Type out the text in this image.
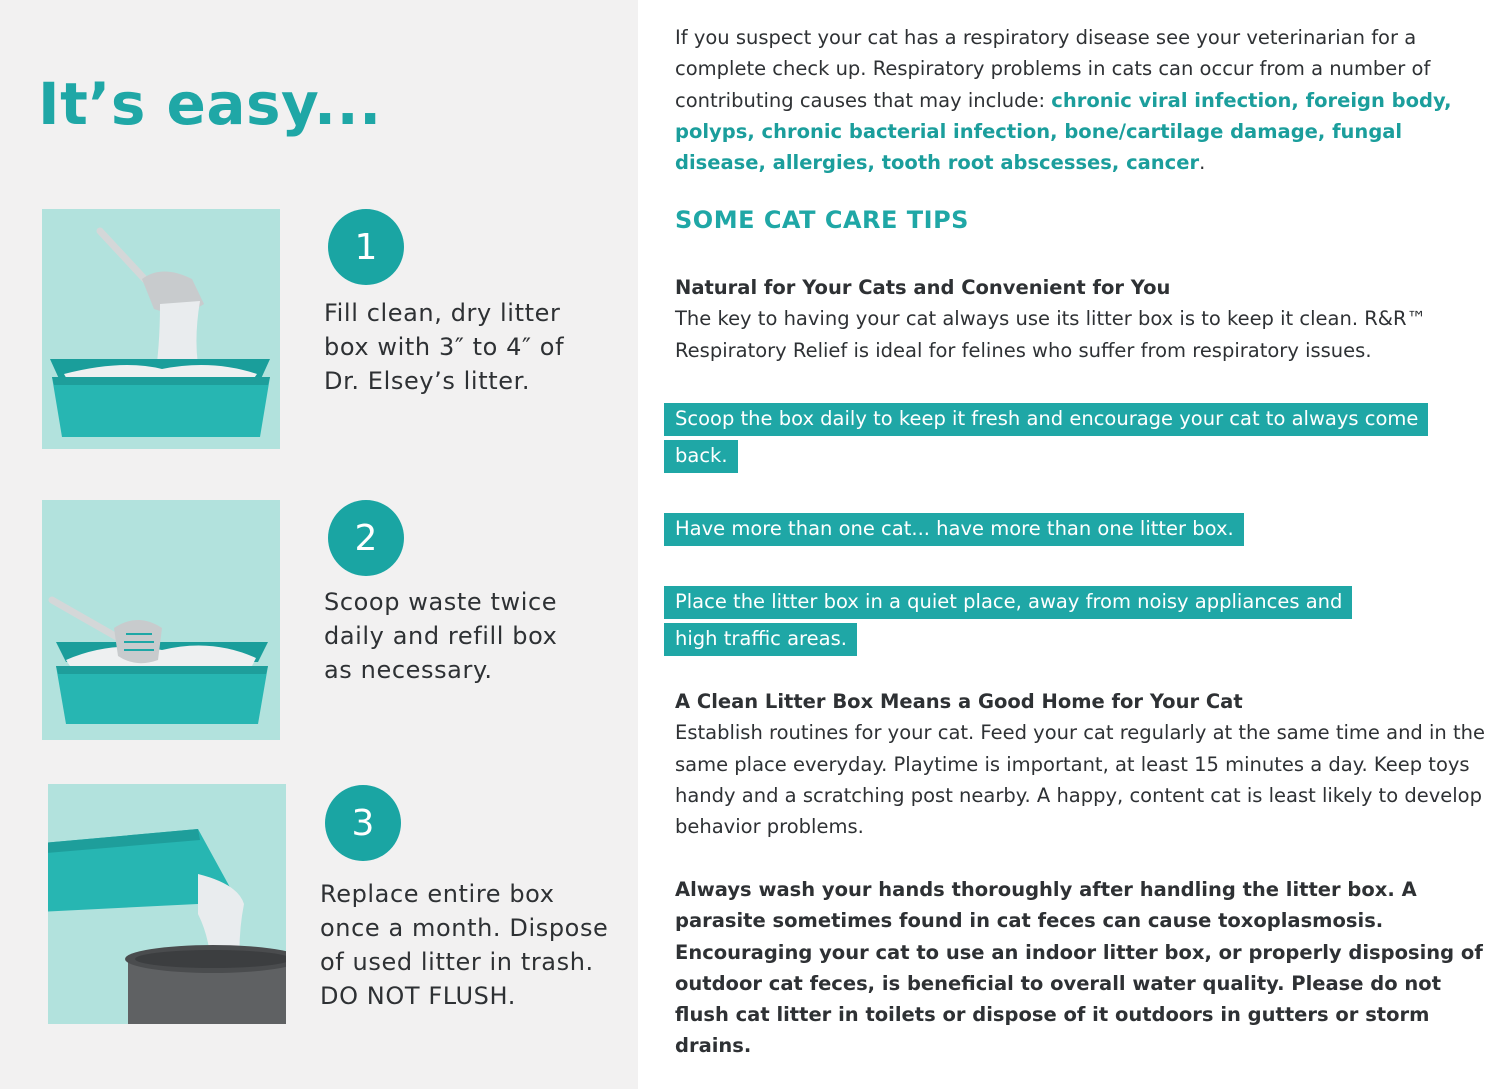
It’s easy...
1

Fill clean, dry litter
box with 3″ to 4″ of
Dr. Elsey’s litter.

2

Scoop waste twice
daily and refill box
as necessary.

3

Replace entire box
once a month. Dispose
of used litter in trash.
DO NOT FLUSH.

If you suspect your cat has a respiratory disease see your veterinarian for a complete check up. Respiratory problems in cats can occur from a number of contributing causes that may include: chronic viral infection, foreign body, polyps, chronic bacterial infection, bone/cartilage damage, fungal disease, allergies, tooth root abscesses, cancer.

SOME CAT CARE TIPS

Natural for Your Cats and Convenient for You
The key to having your cat always use its litter box is to keep it clean. R&R™ Respiratory Relief is ideal for felines who suffer from respiratory issues.

Scoop the box daily to keep it fresh and encourage your cat to always come back.

Have more than one cat... have more than one litter box.

Place the litter box in a quiet place, away from noisy appliances and high traffic areas.

A Clean Litter Box Means a Good Home for Your Cat
Establish routines for your cat. Feed your cat regularly at the same time and in the same place everyday. Playtime is important, at least 15 minutes a day. Keep toys handy and a scratching post nearby. A happy, content cat is least likely to develop behavior problems.

Always wash your hands thoroughly after handling the litter box. A parasite sometimes found in cat feces can cause toxoplasmosis. Encouraging your cat to use an indoor litter box, or properly disposing of outdoor cat feces, is beneficial to overall water quality. Please do not flush cat litter in toilets or dispose of it outdoors in gutters or storm drains.
